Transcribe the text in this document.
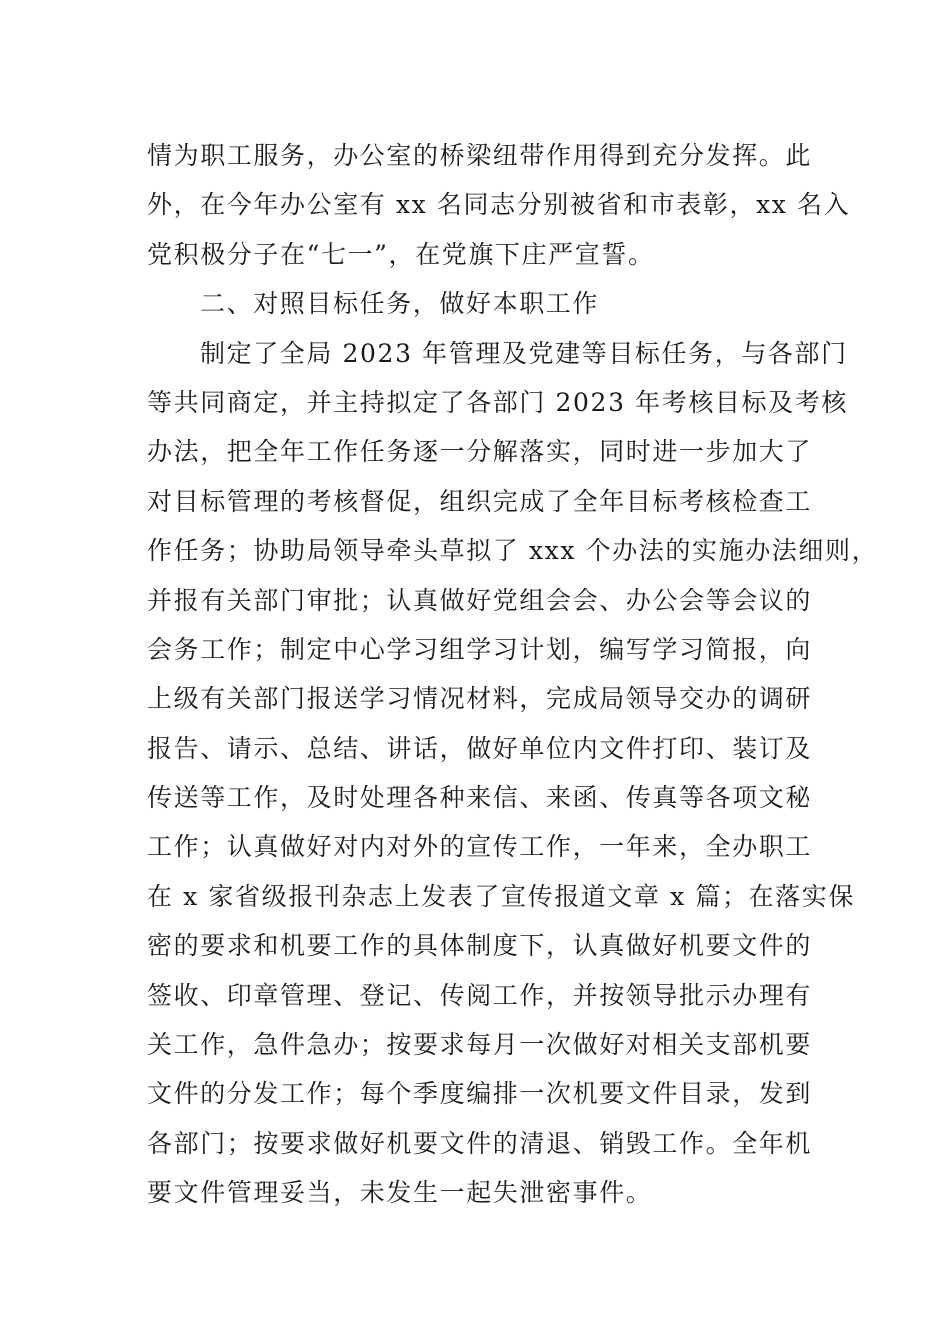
情为职工服务，办公室的桥梁纽带作用得到充分发挥。此
外，在今年办公室有 xx 名同志分别被省和市表彰，xx 名入
党积极分子在“七一”，在党旗下庄严宣誓。
二、对照目标任务，做好本职工作
制定了全局 2023 年管理及党建等目标任务，与各部门
等共同商定，并主持拟定了各部门 2023 年考核目标及考核
办法，把全年工作任务逐一分解落实，同时进一步加大了
对目标管理的考核督促，组织完成了全年目标考核检查工
作任务；协助局领导牵头草拟了 xxx 个办法的实施办法细则，
并报有关部门审批；认真做好党组会会、办公会等会议的
会务工作；制定中心学习组学习计划，编写学习简报，向
上级有关部门报送学习情况材料，完成局领导交办的调研
报告、请示、总结、讲话，做好单位内文件打印、装订及
传送等工作，及时处理各种来信、来函、传真等各项文秘
工作；认真做好对内对外的宣传工作，一年来，全办职工
在 x 家省级报刊杂志上发表了宣传报道文章 x 篇；在落实保
密的要求和机要工作的具体制度下，认真做好机要文件的
签收、印章管理、登记、传阅工作，并按领导批示办理有
关工作，急件急办；按要求每月一次做好对相关支部机要
文件的分发工作；每个季度编排一次机要文件目录，发到
各部门；按要求做好机要文件的清退、销毁工作。全年机
要文件管理妥当，未发生一起失泄密事件。
